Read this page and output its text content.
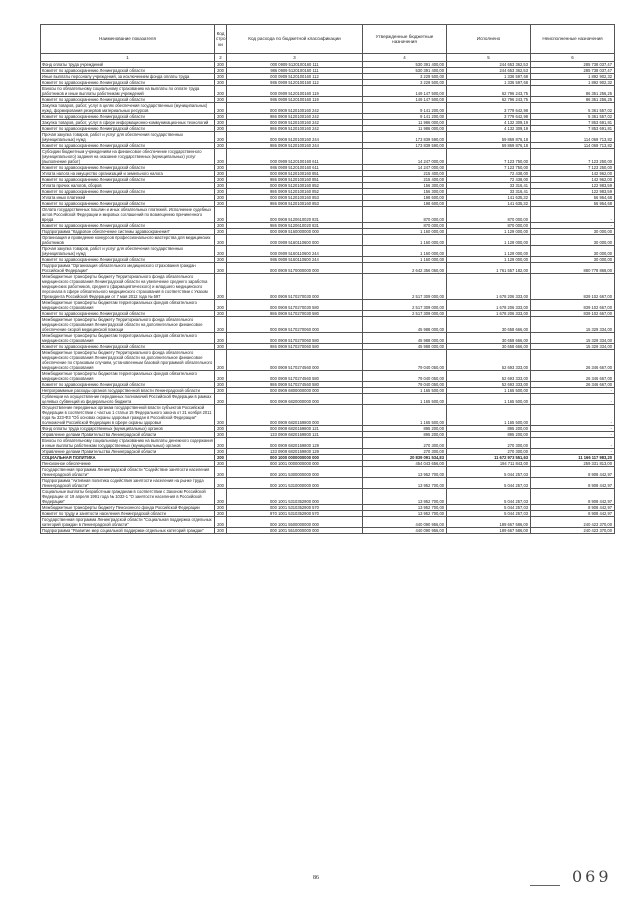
Наименование показателя	Код стро ки	Код расхода по бюджетной классификации	Утвержденные бюджетные назначения	Исполнено	Неисполненные назначения
1	2	3	4	5	6
Фонд оплаты труда учреждений	200	000 0909 5120100160 111	530 391 400,00	244 653 362,53	285 738 037,47
Комитет по здравоохранению Ленинградской области	200	986 0909 5120100160 111	530 391 400,00	244 653 362,53	285 738 037,47
Иные выплаты персоналу учреждений, за исключением фонда оплаты труда	200	000 0909 5120100160 112	3 229 500,00	1 336 597,68	1 892 902,32
Комитет по здравоохранению Ленинградской области	200	986 0909 5120100160 112	3 229 500,00	1 336 597,68	1 892 902,32
Взносы по обязательному социальному страхованию на выплаты по оплате труда работников и иные выплаты работникам учреждений	200	000 0909 5120100160 119	149 147 500,00	62 796 243,75	86 351 256,25
Комитет по здравоохранению Ленинградской области	200	986 0909 5120100160 119	149 147 500,00	62 796 243,75	86 351 256,25
Закупка товаров, работ, услуг в целях обеспечения государственных (муниципальных) нужд, формирования резервов материальных ресурсов	200	000 0909 5120100160 242	9 141 200,00	3 779 642,98	5 361 557,02
Комитет по здравоохранению Ленинградской области	200	986 0909 5120100160 242	9 141 200,00	3 779 642,98	5 361 557,02
Закупка товаров, работ, услуг в сфере информационно-коммуникационных технологий	200	000 0909 5120100160 242	11 986 000,00	4 132 309,19	7 853 691,81
Комитет по здравоохранению Ленинградской области	200	986 0909 5120100160 242	11 986 000,00	4 132 309,19	7 853 691,81
Прочая закупка товаров, работ и услуг для обеспечения государственных (муниципальных) нужд	200	000 0909 5120100160 244	173 839 590,00	59 869 876,18	114 069 713,82
Комитет по здравоохранению Ленинградской области	200	986 0909 5120100160 244	173 839 590,00	59 869 876,18	114 069 713,82
Субсидии бюджетным учреждениям на финансовое обеспечение государственного (муниципального) задания на оказание государственных (муниципальных) услуг (выполнение работ)	200	000 0909 5120100160 611	14 247 000,00	7 123 750,00	7 123 250,00
Комитет по здравоохранению Ленинградской области	200	986 0909 5120100160 611	14 247 000,00	7 123 750,00	7 123 250,00
Уплата налога на имущество организаций и земельного налога	200	000 0909 5120100160 851	215 400,00	72 438,00	142 962,00
Комитет по здравоохранению Ленинградской области	200	986 0909 5120100160 851	215 400,00	72 438,00	142 962,00
Уплата прочих налогов, сборов	200	000 0909 5120100160 852	156 300,00	33 316,41	122 983,59
Комитет по здравоохранению Ленинградской области	200	986 0909 5120100160 852	156 300,00	33 316,41	122 983,59
Уплата иных платежей	200	000 0909 5120100160 853	198 600,00	141 635,32	56 964,68
Комитет по здравоохранению Ленинградской области	200	986 0909 5120100160 853	198 600,00	141 635,32	56 964,68
Оплата государственных пошлин и иных обязательных платежей. Исполнение судебных актов Российской Федерации и мировых соглашений по возмещению причиненного вреда	200	000 0909 5120610020 831	870 000,00	870 000,00	-
Комитет по здравоохранению Ленинградской области	200	986 0909 5120610020 831	870 000,00	870 000,00	-
Подпрограмма "Кадровое обеспечение системы здравоохранения"	200	000 0909 5160000000 000	1 160 000,00	1 129 000,00	30 000,00
Организация и проведение конкурсов профессионального мастерства для медицинских работников	200	000 0909 5160110600 000	1 160 000,00	1 129 000,00	30 000,00
Прочая закупка товаров, работ и услуг для обеспечения государственных (муниципальных) нужд	200	000 0909 5160110600 244	1 160 000,00	1 129 000,00	30 000,00
Комитет по здравоохранению Ленинградской области	200	986 0909 5160110600 244	1 160 000,00	1 129 000,00	30 000,00
Подпрограмма "Организация обязательного медицинского страхования граждан Российской Федерации"	200	000 0909 5170000000 000	2 642 356 050,00	1 761 557 182,00	880 778 868,00
Межбюджетные трансферты бюджету Территориального фонда обязательного медицинского страхования Ленинградской области на увеличение среднего заработка медицинских работников, среднего (фармацевтического) и младшего медицинского персонала в сфере обязательного медицинского страхования в соответствии с Указом Президента Российской Федерации от 7 мая 2012 года № 597	200	000 0909 5170270030 000	2 517 309 000,00	1 678 206 333,00	839 102 667,00
Межбюджетные трансферты бюджетам территориальных фондов обязательного медицинского страхования	200	000 0909 5170270030 580	2 517 309 000,00	1 678 206 333,00	839 102 667,00
Комитет по здравоохранению Ленинградской области	200	986 0909 5170270030 580	2 517 309 000,00	1 678 206 333,00	839 102 667,00
Межбюджетные трансферты бюджету Территориального фонда обязательного медицинского страхования Ленинградской области на дополнительное финансовое обеспечение скорой медицинской помощи	200	000 0909 5170270060 000	45 988 000,00	30 658 666,00	15 329 334,00
Межбюджетные трансферты бюджетам территориальных фондов обязательного медицинского страхования	200	000 0909 5170270060 580	45 988 000,00	30 658 666,00	15 329 334,00
Комитет по здравоохранению Ленинградской области	200	986 0909 5170270060 580	45 988 000,00	30 658 666,00	15 329 334,00
Межбюджетные трансферты бюджету Территориального фонда обязательного медицинского страхования Ленинградской области на дополнительное финансовое обеспечение по страховым случаям, установленным базовой программой обязательного медицинского страхования	200	000 0909 5170274560 000	79 040 050,00	52 693 333,00	26 346 667,00
Межбюджетные трансферты бюджетам территориальных фондов обязательного медицинского страхования	200	000 0909 5170274560 580	79 040 050,00	52 693 333,00	26 346 667,00
Комитет по здравоохранению Ленинградской области	200	986 0909 5170274560 580	79 040 050,00	52 693 333,00	26 346 667,00
Непрограммные расходы органов государственной власти Ленинградской области	200	000 0909 6800000000 000	1 165 500,00	1 165 500,00	-
Субвенции на осуществление переданных полномочий Российской Федерации в рамках целевых субвенций из федерального бюджета	200	000 0909 6820000000 000	1 165 500,00	1 165 500,00	-
Осуществление переданных органам государственной власти субъектов Российской Федерации в соответствии с частью 1 статьи 15 Федерального закона от 21 ноября 2011 года № 323-ФЗ "Об основах охраны здоровья граждан в Российской Федерации" полномочий Российской Федерации в сфере охраны здоровья	200	000 0909 6820159800 000	1 165 500,00	1 165 500,00	-
Фонд оплаты труда государственных (муниципальных) органов	200	000 0909 6820159800 121	895 200,00	895 200,00	-
Управление делами Правительства Ленинградской области	200	133 0909 6820159800 121	895 200,00	895 200,00	-
Взносы по обязательному социальному страхованию на выплаты денежного содержания и иные выплаты работникам государственных (муниципальных) органов	200	000 0909 6820159800 129	270 300,00	270 300,00	-
Управление делами Правительства Ленинградской области	200	133 0909 6820159800 129	270 300,00	270 300,00	-
СОЦИАЛЬНАЯ ПОЛИТИКА	200	000 1000 0000000000 000	20 839 091 534,83	11 672 973 551,63	11 166 117 983,20
Пенсионное обеспечение	200	000 1001 0000000000 000	454 043 656,00	194 711 843,00	259 331 813,00
Государственная программа Ленинградской области "Содействие занятости населения Ленинградской области"	200	000 1001 5300000000 000	13 952 700,00	5 044 257,03	8 908 442,97
Подпрограмма "Активная политика содействия занятости населения на рынке труда Ленинградской области"	200	000 1001 5310000000 000	13 952 700,00	5 044 257,03	8 908 442,97
Социальные выплаты безработным гражданам в соответствии с Законом Российской Федерации от 19 апреля 1991 года № 1032-1 "О занятости населения в Российской Федерации"	200	000 1001 5310352900 000	13 952 700,00	5 044 257,03	8 908 442,97
Межбюджетные трансферты бюджету Пенсионного фонда Российской Федерации	200	000 1001 5310352900 570	13 952 700,00	5 044 257,03	8 908 442,97
Комитет по труду и занятости населения Ленинградской области	200	970 1001 5310352900 570	13 952 700,00	5 044 257,03	8 908 442,97
Государственная программа Ленинградской области "Социальная поддержка отдельных категорий граждан в Ленинградской области"	200	000 1001 5500000000 000	440 090 956,00	189 667 586,00	240 423 370,00
Подпрограмма "Развитие мер социальной поддержки отдельных категорий граждан"	200	000 1001 5510000000 000	440 090 956,00	189 667 586,00	240 423 370,00
86	069
